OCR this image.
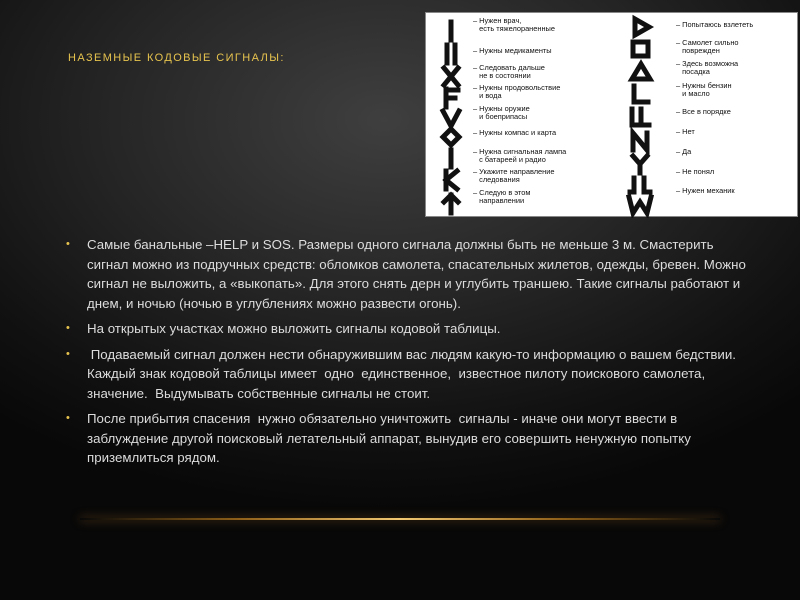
НАЗЕМНЫЕ КОДОВЫЕ СИГНАЛЫ:
– Нужен врач,
есть тяжелораненные
– Нужны медикаменты
– Следовать дальше
не в состоянии
– Нужны продовольствие
и вода
– Нужны оружие
и боеприпасы
– Нужны компас и карта
– Нужна сигнальная лампа
с батареей и радио
– Укажите направление
следования
– Следую в этом
направлении
– Попытаюсь взлететь
– Самолет сильно
поврежден
– Здесь возможна
посадка
– Нужны бензин
и масло
– Все в порядке
– Нет
– Да
– Не понял
– Нужен механик
• Самые банальные –HELP и SOS. Размеры одного сигнала должны быть не меньше 3 м. Смастерить сигнал можно из подручных средств: обломков самолета, спасательных жилетов, одежды, бревен. Можно сигнал не выложить, а «выкопать». Для этого снять дерн и углубить траншею. Такие сигналы работают и днем, и ночью (ночью в углублениях можно развести огонь).
• На открытых участках можно выложить сигналы кодовой таблицы.
• Подаваемый сигнал должен нести обнаружившим вас людям какую-то информацию о вашем бедствии. Каждый знак кодовой таблицы имеет  одно  единственное,  известное пилоту поискового самолета,  значение.  Выдумывать собственные сигналы не стоит.
• После прибытия спасения  нужно обязательно уничтожить  сигналы - иначе они могут ввести в заблуждение другой поисковый летательный аппарат, вынудив его совершить ненужную попытку приземлиться рядом.
